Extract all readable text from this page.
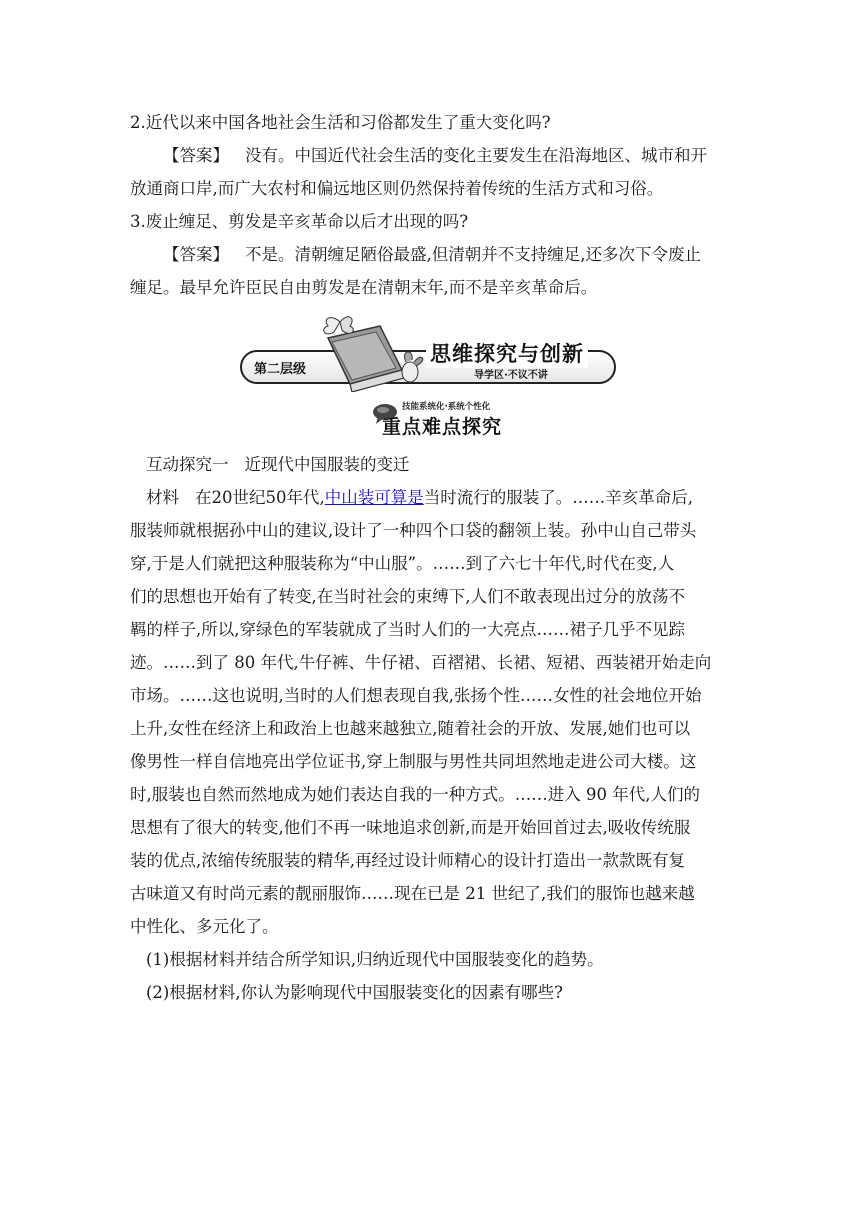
2.近代以来中国各地社会生活和习俗都发生了重大变化吗?
【答案】 没有。中国近代社会生活的变化主要发生在沿海地区、城市和开
放通商口岸,而广大农村和偏远地区则仍然保持着传统的生活方式和习俗。
3.废止缠足、剪发是辛亥革命以后才出现的吗?
【答案】 不是。清朝缠足陋俗最盛,但清朝并不支持缠足,还多次下令废止
缠足。最早允许臣民自由剪发是在清朝末年,而不是辛亥革命后。
第二层级
思维探究与创新
导学区·不议不讲
技能系统化·系统个性化
重点难点探究
互动探究一 近现代中国服装的变迁
材料 在20世纪50年代,中山装可算是当时流行的服装了。……辛亥革命后,
服装师就根据孙中山的建议,设计了一种四个口袋的翻领上装。孙中山自己带头
穿,于是人们就把这种服装称为“中山服”。……到了六七十年代,时代在变,人
们的思想也开始有了转变,在当时社会的束缚下,人们不敢表现出过分的放荡不
羁的样子,所以,穿绿色的军装就成了当时人们的一大亮点……裙子几乎不见踪
迹。……到了 80 年代,牛仔裤、牛仔裙、百褶裙、长裙、短裙、西装裙开始走向
市场。……这也说明,当时的人们想表现自我,张扬个性……女性的社会地位开始
上升,女性在经济上和政治上也越来越独立,随着社会的开放、发展,她们也可以
像男性一样自信地亮出学位证书,穿上制服与男性共同坦然地走进公司大楼。这
时,服装也自然而然地成为她们表达自我的一种方式。……进入 90 年代,人们的
思想有了很大的转变,他们不再一味地追求创新,而是开始回首过去,吸收传统服
装的优点,浓缩传统服装的精华,再经过设计师精心的设计打造出一款款既有复
古味道又有时尚元素的靓丽服饰……现在已是 21 世纪了,我们的服饰也越来越
中性化、多元化了。
(1)根据材料并结合所学知识,归纳近现代中国服装变化的趋势。
(2)根据材料,你认为影响现代中国服装变化的因素有哪些?
